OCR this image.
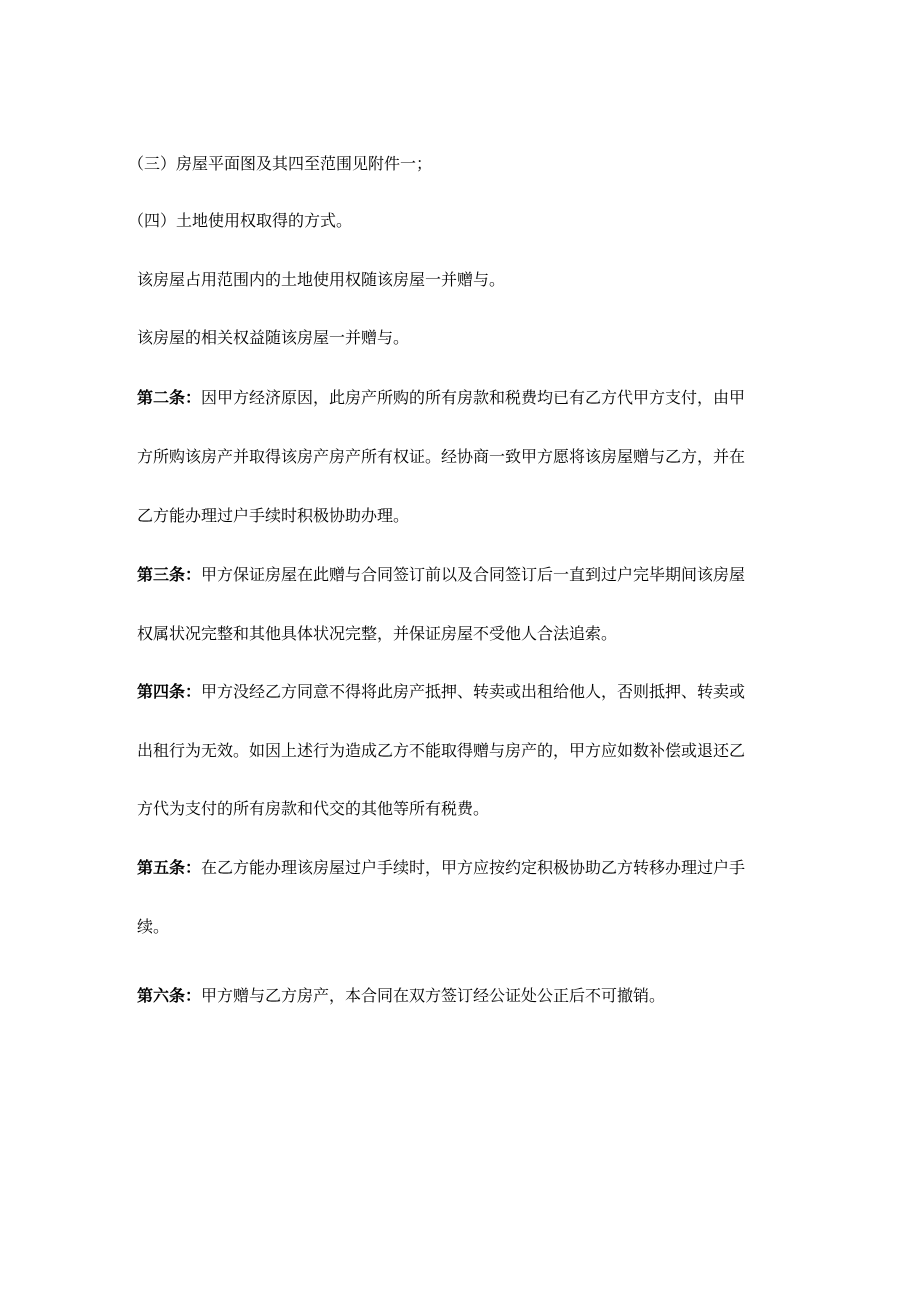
（三）房屋平面图及其四至范围见附件一；
（四）土地使用权取得的方式。
该房屋占用范围内的土地使用权随该房屋一并赠与。
该房屋的相关权益随该房屋一并赠与。
第二条：因甲方经济原因，此房产所购的所有房款和税费均已有乙方代甲方支付，由甲
方所购该房产并取得该房产房产所有权证。经协商一致甲方愿将该房屋赠与乙方，并在
乙方能办理过户手续时积极协助办理。
第三条：甲方保证房屋在此赠与合同签订前以及合同签订后一直到过户完毕期间该房屋
权属状况完整和其他具体状况完整，并保证房屋不受他人合法追索。
第四条：甲方没经乙方同意不得将此房产抵押、转卖或出租给他人，否则抵押、转卖或
出租行为无效。如因上述行为造成乙方不能取得赠与房产的，甲方应如数补偿或退还乙
方代为支付的所有房款和代交的其他等所有税费。
第五条：在乙方能办理该房屋过户手续时，甲方应按约定积极协助乙方转移办理过户手
续。
第六条：甲方赠与乙方房产，本合同在双方签订经公证处公正后不可撤销。
